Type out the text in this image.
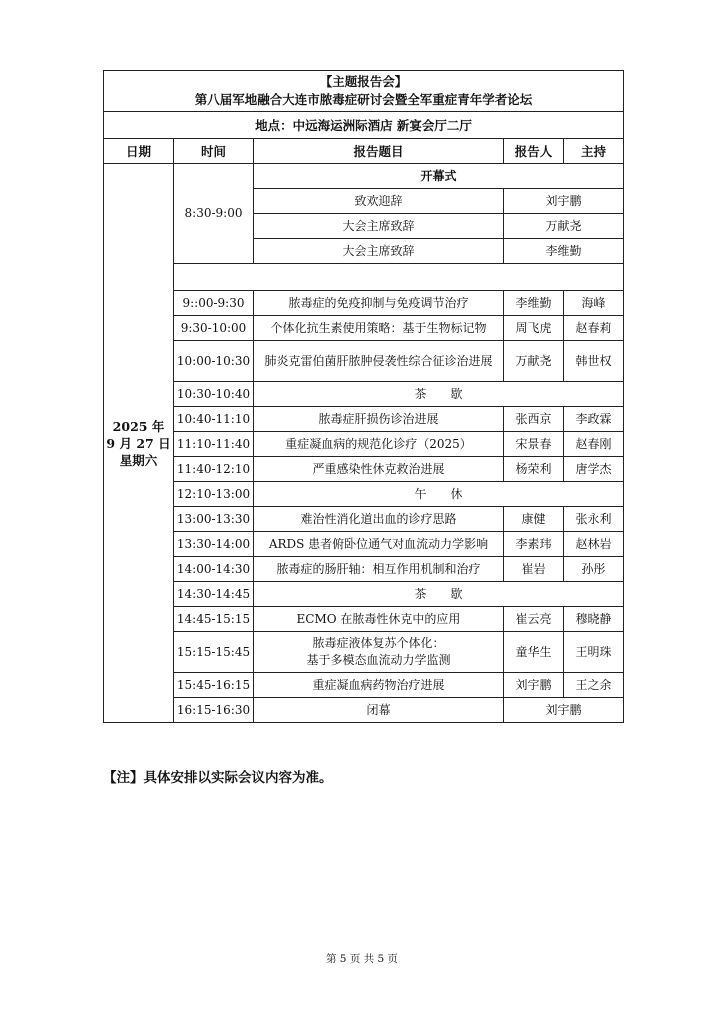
【主题报告会】
第八届军地融合大连市脓毒症研讨会暨全军重症青年学者论坛				

地点：中远海运洲际酒店 新宴会厅二厅				
日期	时间	报告题目	报告人	主持

2025 年
9 月 27 日
星期六	8:30-9:00	开幕式		
		致欢迎辞	刘宇鹏	
		大会主席致辞	万献尧	
		大会主席致辞	李维勤	

	9::00-9:30	脓毒症的免疫抑制与免疫调节治疗	李维勤	海峰
	9:30-10:00	个体化抗生素使用策略：基于生物标记物	周飞虎	赵春莉
	10:00-10:30	肺炎克雷伯菌肝脓肿侵袭性综合征诊治进展	万献尧	韩世权
	10:30-10:40	茶　　歇		
	10:40-11:10	脓毒症肝损伤诊治进展	张西京	李政霖
	11:10-11:40	重症凝血病的规范化诊疗（2025）	宋景春	赵春刚
	11:40-12:10	严重感染性休克救治进展	杨荣利	唐学杰
	12:10-13:00	午　　休		
	13:00-13:30	难治性消化道出血的诊疗思路	康健	张永利
	13:30-14:00	ARDS 患者俯卧位通气对血流动力学影响	李素玮	赵林岩
	14:00-14:30	脓毒症的肠肝轴：相互作用机制和治疗	崔岩	孙彤
	14:30-14:45	茶　　歇		
	14:45-15:15	ECMO 在脓毒性休克中的应用	崔云亮	穆晓静
	15:15-15:45	脓毒症液体复苏个体化：
基于多模态血流动力学监测	童华生	王明珠
	15:45-16:15	重症凝血病药物治疗进展	刘宇鹏	王之余
	16:15-16:30	闭幕	刘宇鹏	
【注】具体安排以实际会议内容为准。
第 5 页 共 5 页
